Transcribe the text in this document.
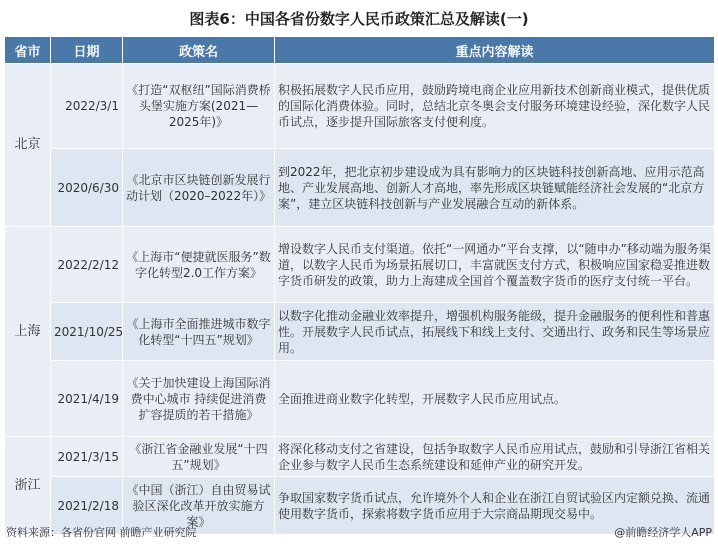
图表6：中国各省份数字人民币政策汇总及解读(一)
省市	日期	政策名	重点内容解读
北京	2022/3/1	《打造“双枢纽”国际消费桥头堡实施方案(2021—2025年)》	积极拓展数字人民币应用，鼓励跨境电商企业应用新技术创新商业模式，提供优质的国际化消费体验。同时，总结北京冬奥会支付服务环境建设经验，深化数字人民币试点，逐步提升国际旅客支付便利度。
	2020/6/30	《北京市区块链创新发展行动计划（2020–2022年）》	到2022年，把北京初步建设成为具有影响力的区块链科技创新高地、应用示范高地、产业发展高地、创新人才高地，率先形成区块链赋能经济社会发展的“北京方案”，建立区块链科技创新与产业发展融合互动的新体系。
上海	2022/2/12	《上海市“便捷就医服务”数字化转型2.0工作方案》	增设数字人民币支付渠道。依托“一网通办”平台支撑，以“随申办”移动端为服务渠道，以数字人民币为场景拓展切口，丰富就医支付方式，积极响应国家稳妥推进数字货币研发的政策，助力上海建成全国首个覆盖数字货币的医疗支付统一平台。
	2021/10/25	《上海市全面推进城市数字化转型“十四五”规划》	以数字化推动金融业效率提升，增强机构服务能级，提升金融服务的便利性和普惠性。开展数字人民币试点，拓展线下和线上支付、交通出行、政务和民生等场景应用。
	2021/4/19	《关于加快建设上海国际消费中心城市 持续促进消费扩容提质的若干措施》	全面推进商业数字化转型，开展数字人民币应用试点。
浙江	2021/3/15	《浙江省金融业发展“十四五”规划》	将深化移动支付之省建设，包括争取数字人民币应用试点，鼓励和引导浙江省相关企业参与数字人民币生态系统建设和延伸产业的研究开发。
	2021/2/18	《中国（浙江）自由贸易试验区深化改革开放实施方案》	争取国家数字货币试点，允许境外个人和企业在浙江自贸试验区内定额兑换、流通使用数字货币，探索将数字货币应用于大宗商品期现交易中。
资料来源：各省份官网 前瞻产业研究院	@前瞻经济学人APP
